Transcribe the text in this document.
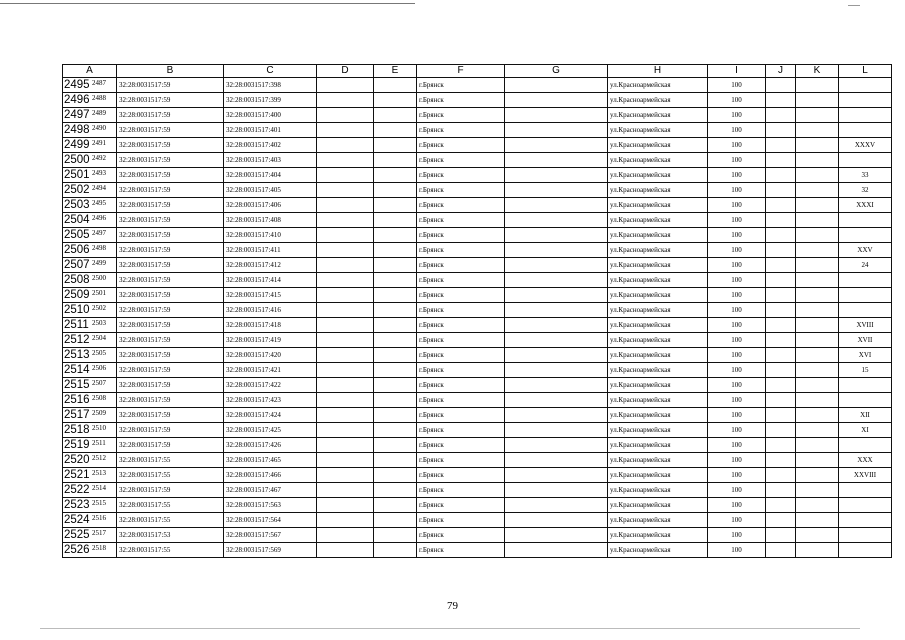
A	B	C	D	E	F	G	H	I	J	K	L
2495 2487	32:28:0031517:59	32:28:0031517:398			г.Брянск		ул.Красноармейская	100			
2496 2488	32:28:0031517:59	32:28:0031517:399			г.Брянск		ул.Красноармейская	100			
2497 2489	32:28:0031517:59	32:28:0031517:400			г.Брянск		ул.Красноармейская	100			
2498 2490	32:28:0031517:59	32:28:0031517:401			г.Брянск		ул.Красноармейская	100			
2499 2491	32:28:0031517:59	32:28:0031517:402			г.Брянск		ул.Красноармейская	100			XXXV
2500 2492	32:28:0031517:59	32:28:0031517:403			г.Брянск		ул.Красноармейская	100			
2501 2493	32:28:0031517:59	32:28:0031517:404			г.Брянск		ул.Красноармейская	100			33
2502 2494	32:28:0031517:59	32:28:0031517:405			г.Брянск		ул.Красноармейская	100			32
2503 2495	32:28:0031517:59	32:28:0031517:406			г.Брянск		ул.Красноармейская	100			XXXI
2504 2496	32:28:0031517:59	32:28:0031517:408			г.Брянск		ул.Красноармейская	100			
2505 2497	32:28:0031517:59	32:28:0031517:410			г.Брянск		ул.Красноармейская	100			
2506 2498	32:28:0031517:59	32:28:0031517:411			г.Брянск		ул.Красноармейская	100			XXV
2507 2499	32:28:0031517:59	32:28:0031517:412			г.Брянск		ул.Красноармейская	100			24
2508 2500	32:28:0031517:59	32:28:0031517:414			г.Брянск		ул.Красноармейская	100			
2509 2501	32:28:0031517:59	32:28:0031517:415			г.Брянск		ул.Красноармейская	100			
2510 2502	32:28:0031517:59	32:28:0031517:416			г.Брянск		ул.Красноармейская	100			
2511 2503	32:28:0031517:59	32:28:0031517:418			г.Брянск		ул.Красноармейская	100			XVIII
2512 2504	32:28:0031517:59	32:28:0031517:419			г.Брянск		ул.Красноармейская	100			XVII
2513 2505	32:28:0031517:59	32:28:0031517:420			г.Брянск		ул.Красноармейская	100			XVI
2514 2506	32:28:0031517:59	32:28:0031517:421			г.Брянск		ул.Красноармейская	100			15
2515 2507	32:28:0031517:59	32:28:0031517:422			г.Брянск		ул.Красноармейская	100			
2516 2508	32:28:0031517:59	32:28:0031517:423			г.Брянск		ул.Красноармейская	100			
2517 2509	32:28:0031517:59	32:28:0031517:424			г.Брянск		ул.Красноармейская	100			XII
2518 2510	32:28:0031517:59	32:28:0031517:425			г.Брянск		ул.Красноармейская	100			XI
2519 2511	32:28:0031517:59	32:28:0031517:426			г.Брянск		ул.Красноармейская	100			
2520 2512	32:28:0031517:55	32:28:0031517:465			г.Брянск		ул.Красноармейская	100			XXX
2521 2513	32:28:0031517:55	32:28:0031517:466			г.Брянск		ул.Красноармейская	100			XXVIII
2522 2514	32:28:0031517:59	32:28:0031517:467			г.Брянск		ул.Красноармейская	100			
2523 2515	32:28:0031517:55	32:28:0031517:563			г.Брянск		ул.Красноармейская	100			
2524 2516	32:28:0031517:55	32:28:0031517:564			г.Брянск		ул.Красноармейская	100			
2525 2517	32:28:0031517:53	32:28:0031517:567			г.Брянск		ул.Красноармейская	100			
2526 2518	32:28:0031517:55	32:28:0031517:569			г.Брянск		ул.Красноармейская	100			
79
